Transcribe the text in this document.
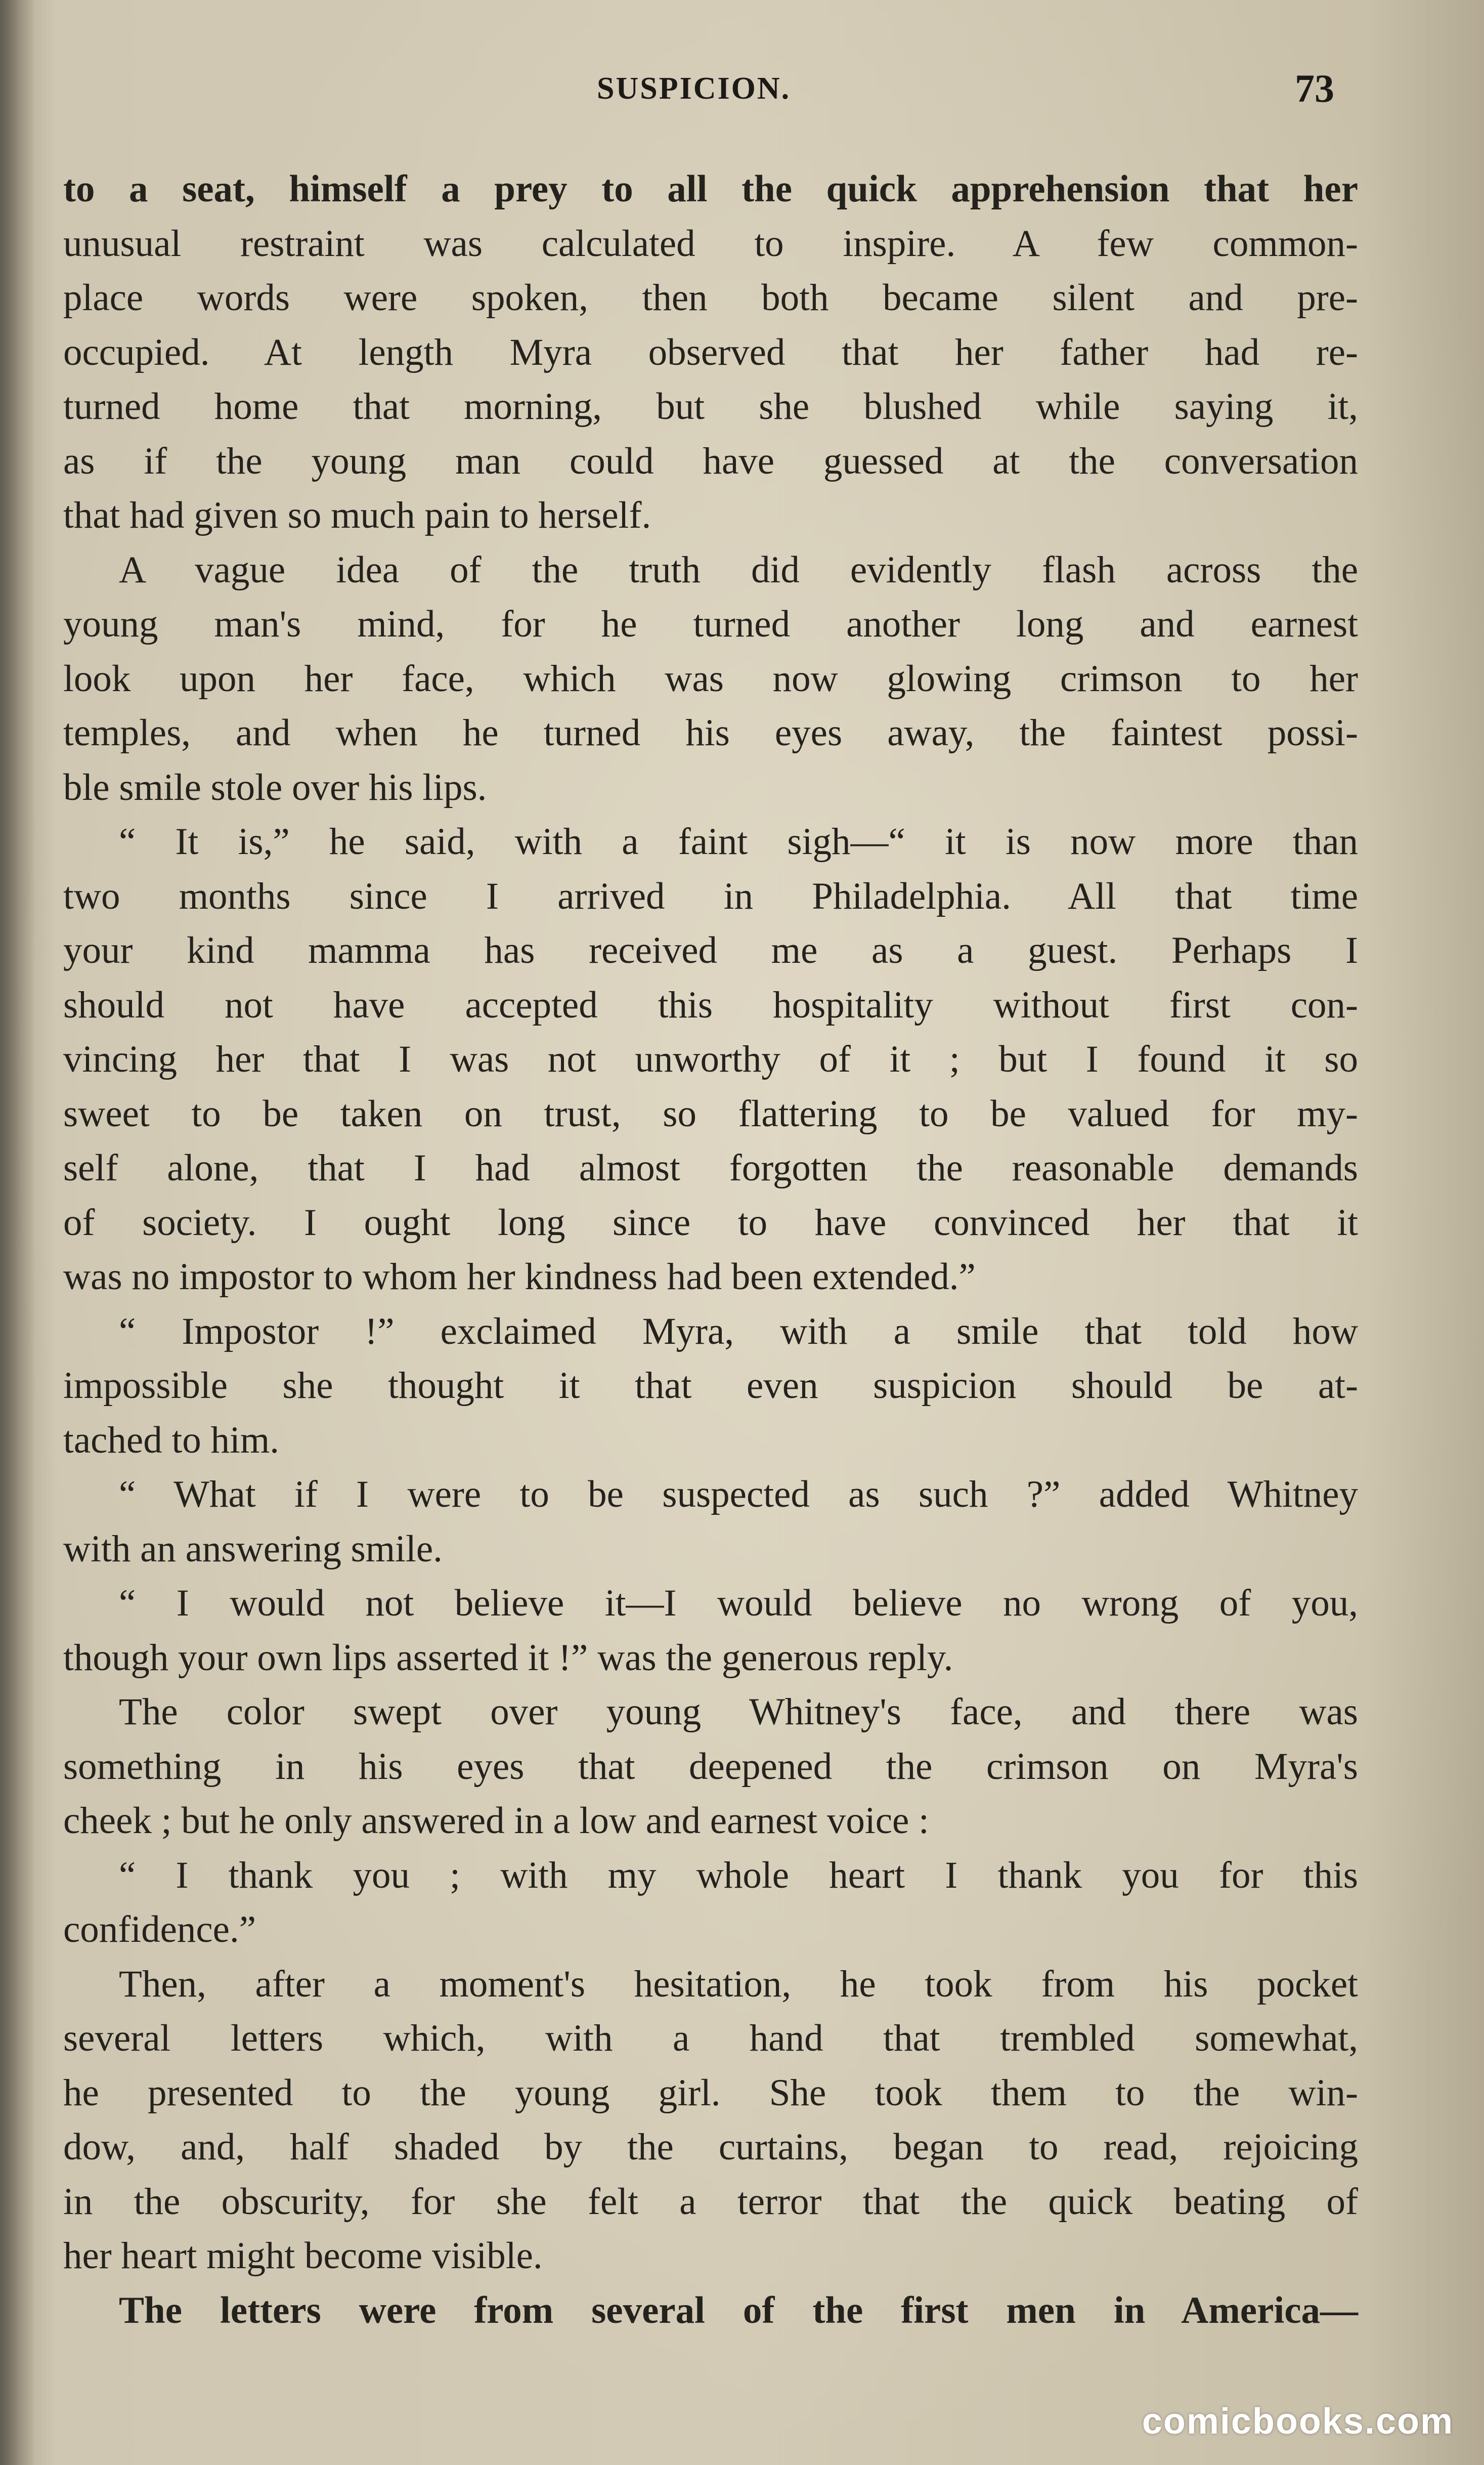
SUSPICION.	73
to a seat, himself a prey to all the quick apprehension that her
unusual restraint was calculated to inspire. A few common-
place words were spoken, then both became silent and pre-
occupied. At length Myra observed that her father had re-
turned home that morning, but she blushed while saying it,
as if the young man could have guessed at the conversation
that had given so much pain to herself.
A vague idea of the truth did evidently flash across the
young man's mind, for he turned another long and earnest
look upon her face, which was now glowing crimson to her
temples, and when he turned his eyes away, the faintest possi-
ble smile stole over his lips.
“ It is,” he said, with a faint sigh—“ it is now more than
two months since I arrived in Philadelphia. All that time
your kind mamma has received me as a guest. Perhaps I
should not have accepted this hospitality without first con-
vincing her that I was not unworthy of it ; but I found it so
sweet to be taken on trust, so flattering to be valued for my-
self alone, that I had almost forgotten the reasonable demands
of society. I ought long since to have convinced her that it
was no impostor to whom her kindness had been extended.”
“ Impostor !” exclaimed Myra, with a smile that told how
impossible she thought it that even suspicion should be at-
tached to him.
“ What if I were to be suspected as such ?” added Whitney
with an answering smile.
“ I would not believe it—I would believe no wrong of you,
though your own lips asserted it !” was the generous reply.
The color swept over young Whitney's face, and there was
something in his eyes that deepened the crimson on Myra's
cheek ; but he only answered in a low and earnest voice :
“ I thank you ; with my whole heart I thank you for this
confidence.”
Then, after a moment's hesitation, he took from his pocket
several letters which, with a hand that trembled somewhat,
he presented to the young girl. She took them to the win-
dow, and, half shaded by the curtains, began to read, rejoicing
in the obscurity, for she felt a terror that the quick beating of
her heart might become visible.
The letters were from several of the first men in America—
comicbooks.com
